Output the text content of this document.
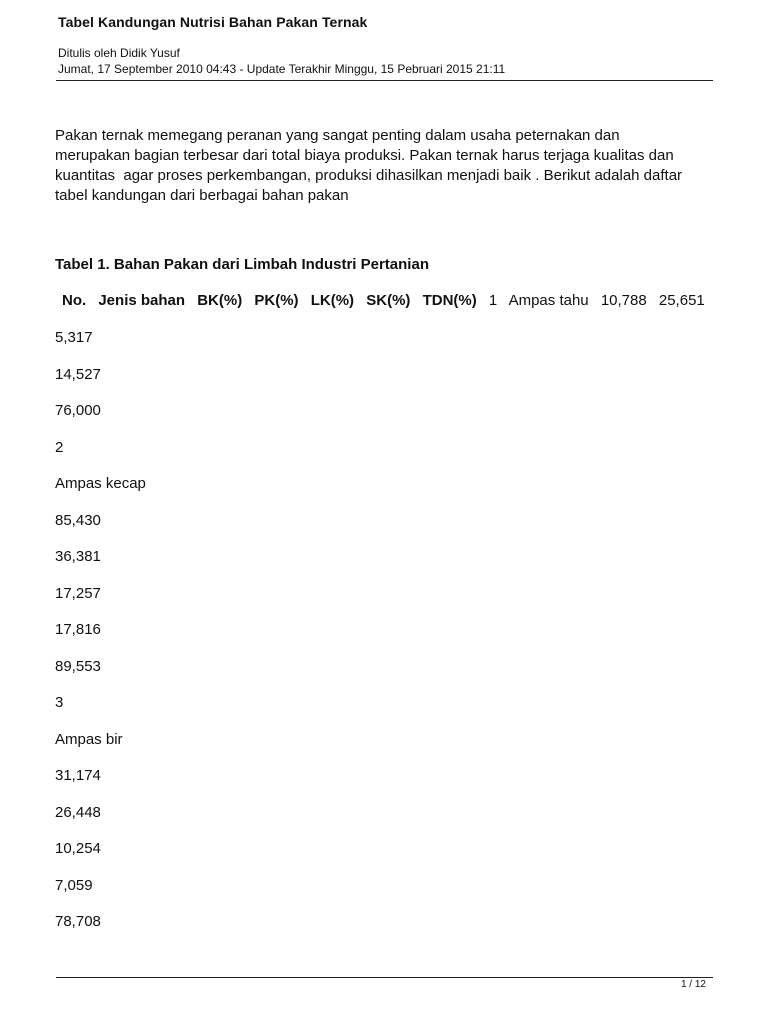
Tabel Kandungan Nutrisi Bahan Pakan Ternak
Ditulis oleh Didik Yusuf
Jumat, 17 September 2010 04:43 - Update Terakhir Minggu, 15 Pebruari 2015 21:11

Pakan ternak memegang peranan yang sangat penting dalam usaha peternakan dan
merupakan bagian terbesar dari total biaya produksi. Pakan ternak harus terjaga kualitas dan
kuantitas  agar proses perkembangan, produksi dihasilkan menjadi baik . Berikut adalah daftar
tabel kandungan dari berbagai bahan pakan

Tabel 1. Bahan Pakan dari Limbah Industri Pertanian
No. Jenis bahan BK(%) PK(%) LK(%) SK(%) TDN(%) 1 Ampas tahu 10,788 25,651
5,317
14,527
76,000
2
Ampas kecap
85,430
36,381
17,257
17,816
89,553
3
Ampas bir
31,174
26,448
10,254
7,059
78,708
1 / 12
